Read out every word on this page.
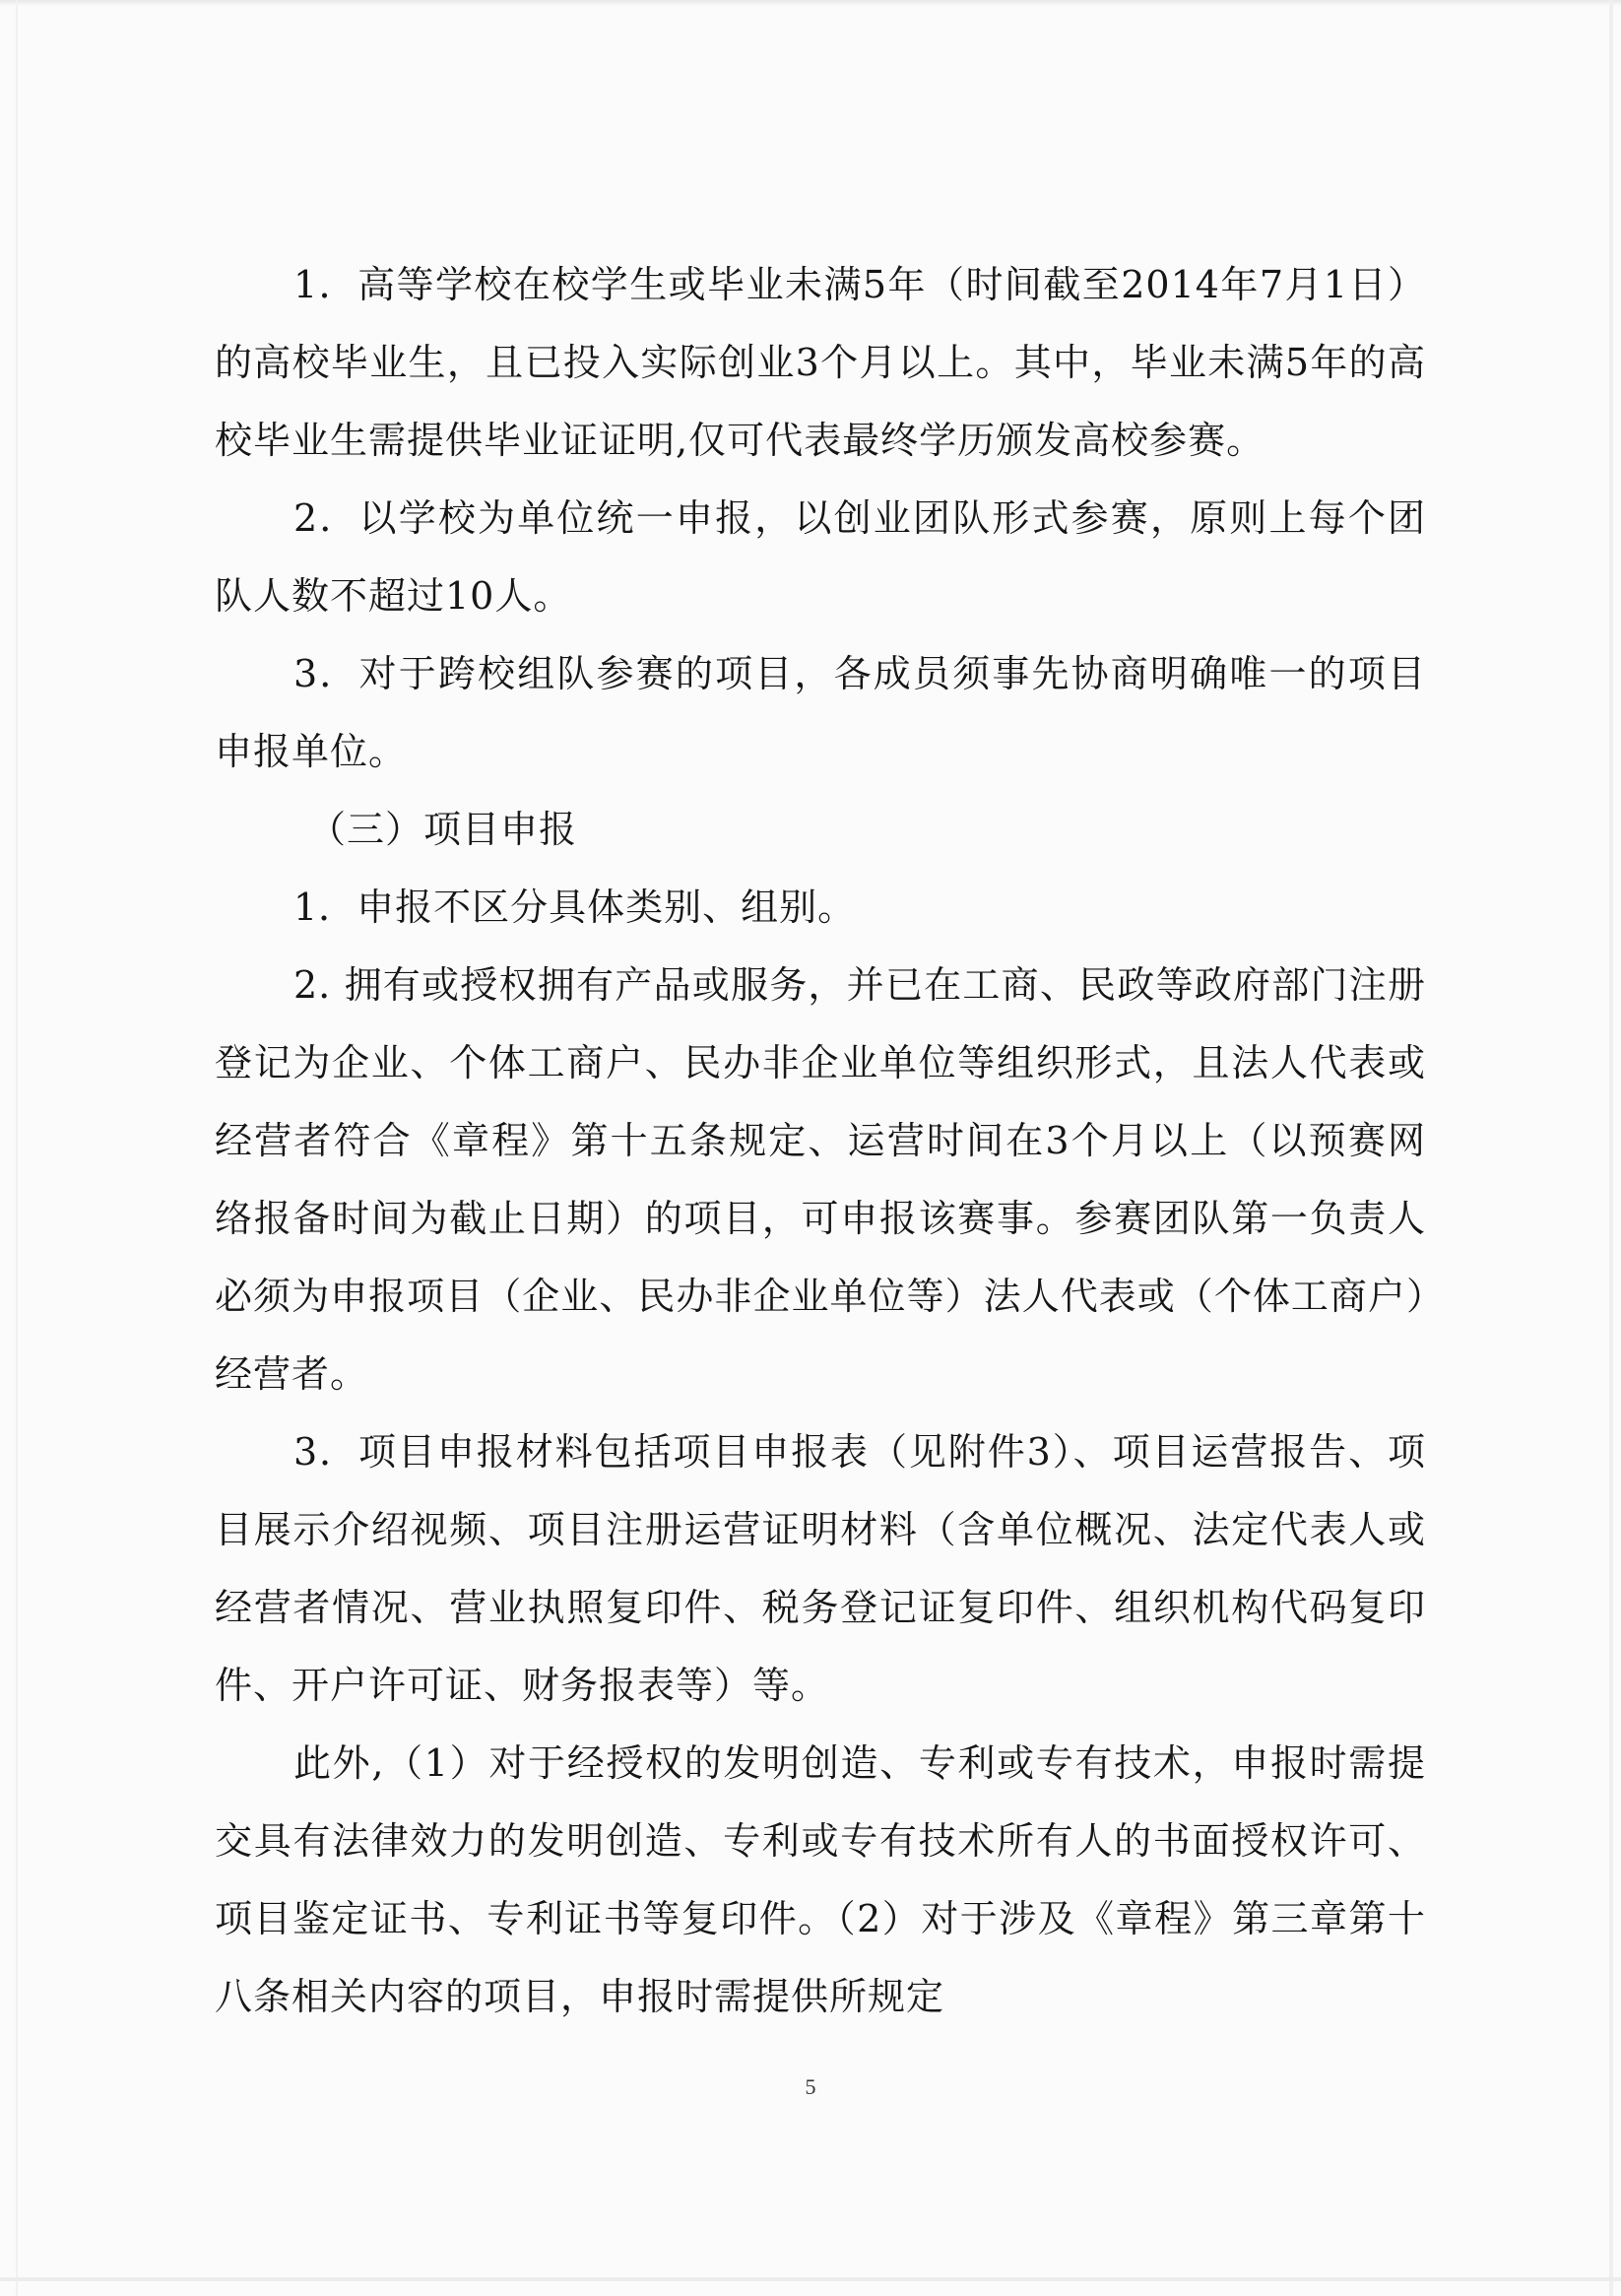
1．高等学校在校学生或毕业未满5年（时间截至2014年7月1日）的高校毕业生，且已投入实际创业3个月以上。其中，毕业未满5年的高校毕业生需提供毕业证证明,仅可代表最终学历颁发高校参赛。

2．以学校为单位统一申报，以创业团队形式参赛，原则上每个团队人数不超过10人。

3．对于跨校组队参赛的项目，各成员须事先协商明确唯一的项目申报单位。

（三）项目申报

1．申报不区分具体类别、组别。

2. 拥有或授权拥有产品或服务，并已在工商、民政等政府部门注册登记为企业、个体工商户、民办非企业单位等组织形式，且法人代表或经营者符合《章程》第十五条规定、运营时间在3个月以上（以预赛网络报备时间为截止日期）的项目，可申报该赛事。参赛团队第一负责人必须为申报项目（企业、民办非企业单位等）法人代表或（个体工商户）经营者。

3．项目申报材料包括项目申报表（见附件3）、项目运营报告、项目展示介绍视频、项目注册运营证明材料（含单位概况、法定代表人或经营者情况、营业执照复印件、税务登记证复印件、组织机构代码复印件、开户许可证、财务报表等）等。

此外,（1）对于经授权的发明创造、专利或专有技术，申报时需提交具有法律效力的发明创造、专利或专有技术所有人的书面授权许可、项目鉴定证书、专利证书等复印件。（2）对于涉及《章程》第三章第十八条相关内容的项目，申报时需提供所规定

5
